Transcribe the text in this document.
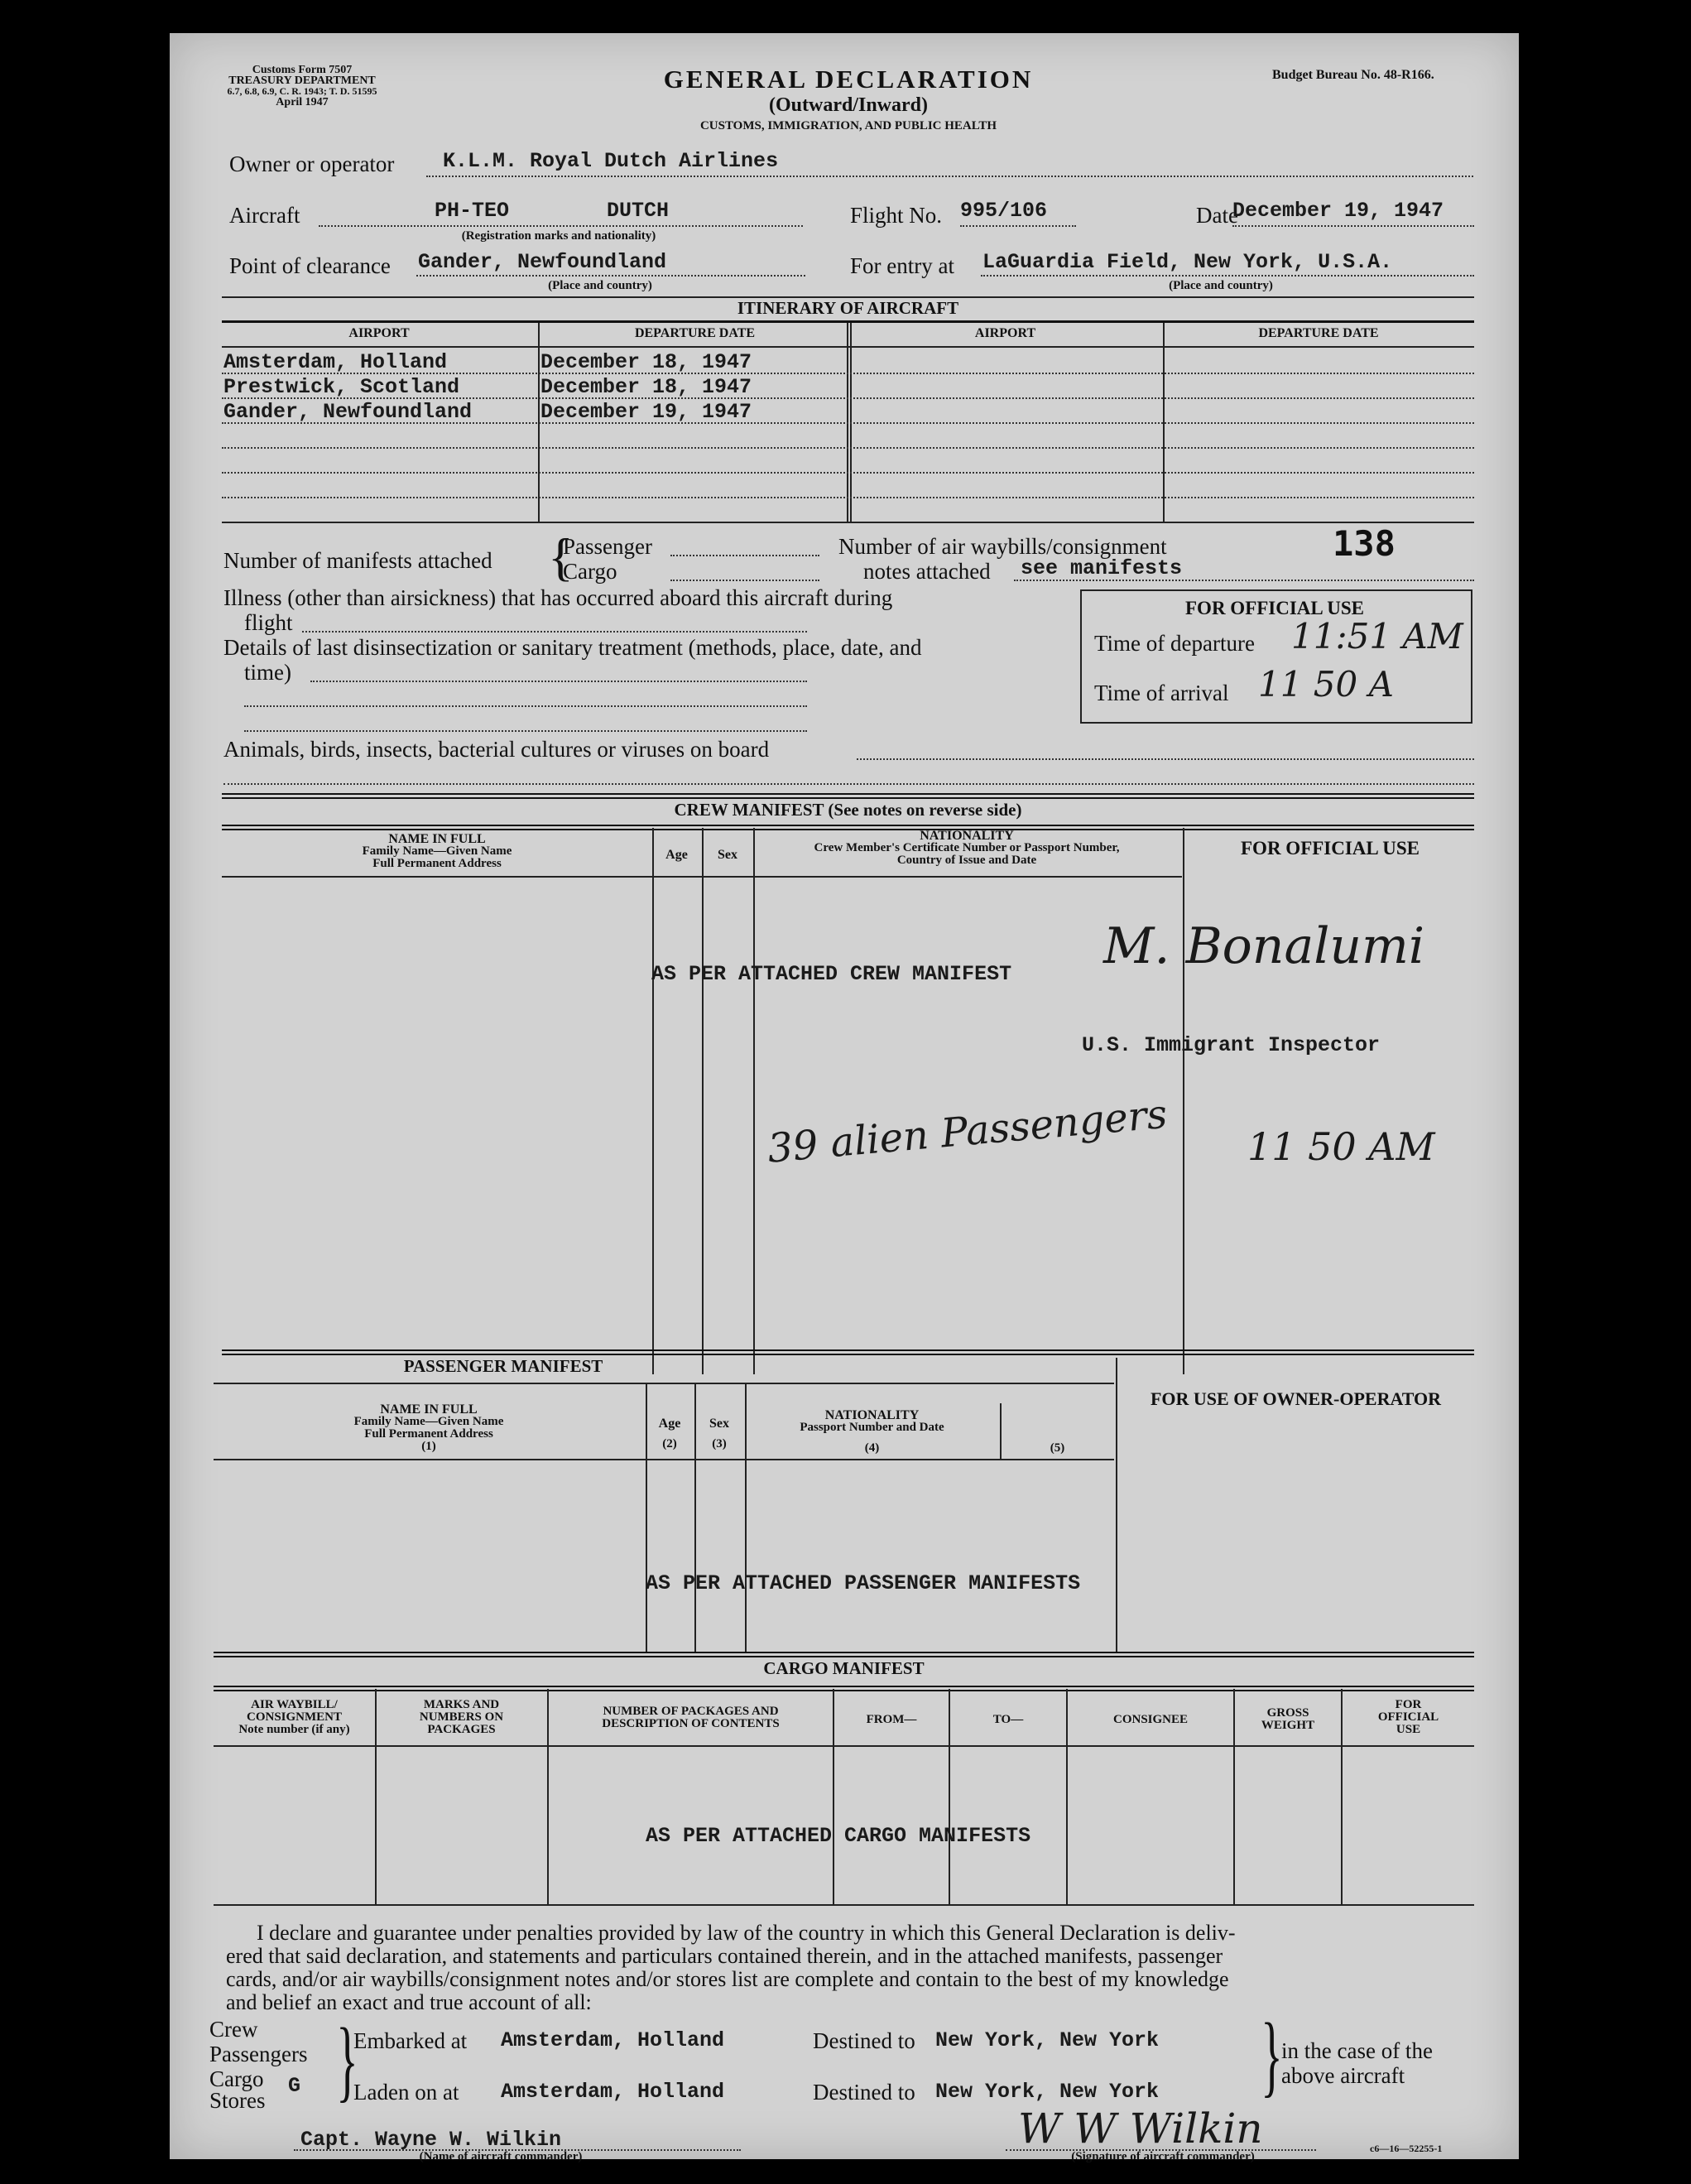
Customs Form 7507
TREASURY DEPARTMENT
6.7, 6.8, 6.9, C. R. 1943; T. D. 51595
April 1947
GENERAL DECLARATION
(Outward/Inward)
CUSTOMS, IMMIGRATION, AND PUBLIC HEALTH
Budget Bureau No. 48-R166.
Owner or operator K.L.M. Royal Dutch Airlines
Aircraft	PH-TEO	DUTCH
(Registration marks and nationality)
Flight No. 995/106	Date
December 19, 1947
Point of clearance Gander, Newfoundland
(Place and country)
For entry at LaGuardia Field, New York, U.S.A.
(Place and country)
ITINERARY OF AIRCRAFT
AIRPORT	DEPARTURE DATE	AIRPORT	DEPARTURE DATE
Amsterdam, Holland	December 18, 1947
Prestwick, Scotland	December 18, 1947
Gander, Newfoundland	December 19, 1947
Number of manifests attached {
Passenger
Cargo
Number of air waybills/consignment
notes attached see manifests
138
Illness (other than airsickness) that has occurred aboard this aircraft during
flight
Details of last disinsectization or sanitary treatment (methods, place, date, and
time)
Animals, birds, insects, bacterial cultures or viruses on board
FOR OFFICIAL USE
Time of departure 11:51 AM
Time of arrival 11 50 A
CREW MANIFEST (See notes on reverse side)
NAME IN FULL
Family Name—Given Name
Full Permanent Address
Age	Sex
NATIONALITY
Crew Member's Certificate Number or Passport Number,
Country of Issue and Date
FOR OFFICIAL USE
AS PER ATTACHED CREW MANIFEST M. Bonalumi
U.S. Immigrant Inspector
39 alien Passengers 11 50 AM
PASSENGER MANIFEST
FOR USE OF OWNER-OPERATOR
NAME IN FULL
Family Name—Given Name
Full Permanent Address
(1)
Age
(2)
Sex
(3)
NATIONALITY
Passport Number and Date
(4)	(5)
AS PER ATTACHED PASSENGER MANIFESTS
CARGO MANIFEST
AIR WAYBILL/
CONSIGNMENT
Note number (if any)
MARKS AND
NUMBERS ON
PACKAGES
NUMBER OF PACKAGES AND
DESCRIPTION OF CONTENTS	FROM—	TO—	CONSIGNEE	GROSS
WEIGHT
FOR
OFFICIAL
USE
AS PER ATTACHED CARGO MANIFESTS
I declare and guarantee under penalties provided by law of the country in which this General Declaration is deliv-
ered that said declaration, and statements and particulars contained therein, and in the attached manifests, passenger
cards, and/or air waybills/consignment notes and/or stores list are complete and contain to the best of my knowledge
and belief an exact and true account of all:
Crew
Passengers
Cargo
Stores
G }
Embarked at Amsterdam, Holland	Destined to New York, New York
Laden on at Amsterdam, Holland	Destined to New York, New York }
in the case of the
above aircraft
Capt. Wayne W. Wilkin
(Name of aircraft commander)
W W Wilkin
(Signature of aircraft commander)
c6—16—52255-1
